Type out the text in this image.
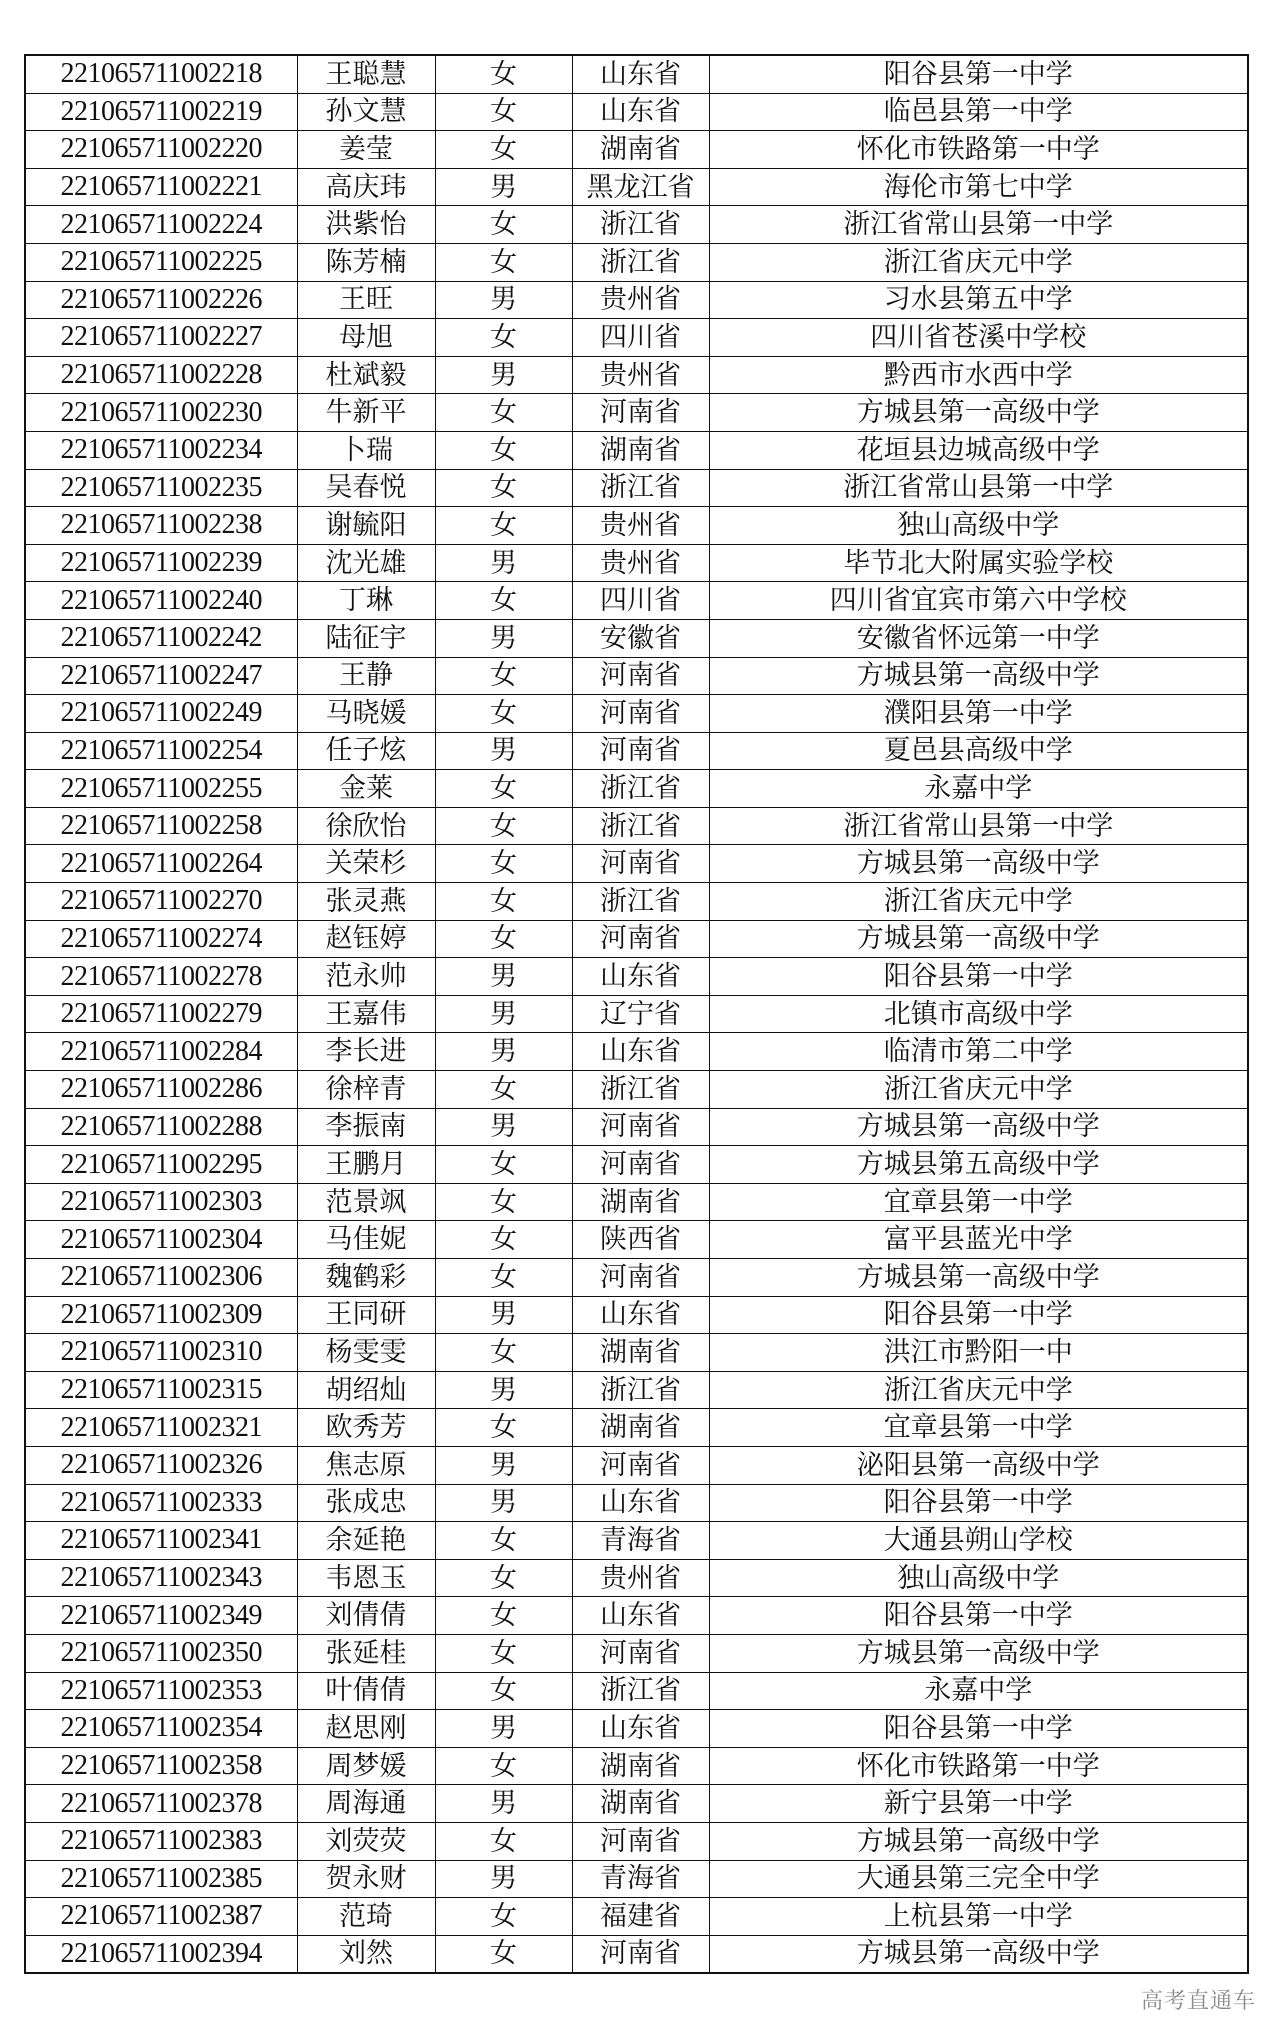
221065711002218	王聪慧	女	山东省	阳谷县第一中学
221065711002219	孙文慧	女	山东省	临邑县第一中学
221065711002220	姜莹	女	湖南省	怀化市铁路第一中学
221065711002221	高庆玮	男	黑龙江省	海伦市第七中学
221065711002224	洪紫怡	女	浙江省	浙江省常山县第一中学
221065711002225	陈芳楠	女	浙江省	浙江省庆元中学
221065711002226	王旺	男	贵州省	习水县第五中学
221065711002227	母旭	女	四川省	四川省苍溪中学校
221065711002228	杜斌毅	男	贵州省	黔西市水西中学
221065711002230	牛新平	女	河南省	方城县第一高级中学
221065711002234	卜瑞	女	湖南省	花垣县边城高级中学
221065711002235	吴春悦	女	浙江省	浙江省常山县第一中学
221065711002238	谢毓阳	女	贵州省	独山高级中学
221065711002239	沈光雄	男	贵州省	毕节北大附属实验学校
221065711002240	丁琳	女	四川省	四川省宜宾市第六中学校
221065711002242	陆征宇	男	安徽省	安徽省怀远第一中学
221065711002247	王静	女	河南省	方城县第一高级中学
221065711002249	马晓媛	女	河南省	濮阳县第一中学
221065711002254	任子炫	男	河南省	夏邑县高级中学
221065711002255	金莱	女	浙江省	永嘉中学
221065711002258	徐欣怡	女	浙江省	浙江省常山县第一中学
221065711002264	关荣杉	女	河南省	方城县第一高级中学
221065711002270	张灵燕	女	浙江省	浙江省庆元中学
221065711002274	赵钰婷	女	河南省	方城县第一高级中学
221065711002278	范永帅	男	山东省	阳谷县第一中学
221065711002279	王嘉伟	男	辽宁省	北镇市高级中学
221065711002284	李长进	男	山东省	临清市第二中学
221065711002286	徐梓青	女	浙江省	浙江省庆元中学
221065711002288	李振南	男	河南省	方城县第一高级中学
221065711002295	王鹏月	女	河南省	方城县第五高级中学
221065711002303	范景飒	女	湖南省	宜章县第一中学
221065711002304	马佳妮	女	陕西省	富平县蓝光中学
221065711002306	魏鹤彩	女	河南省	方城县第一高级中学
221065711002309	王同研	男	山东省	阳谷县第一中学
221065711002310	杨雯雯	女	湖南省	洪江市黔阳一中
221065711002315	胡绍灿	男	浙江省	浙江省庆元中学
221065711002321	欧秀芳	女	湖南省	宜章县第一中学
221065711002326	焦志原	男	河南省	泌阳县第一高级中学
221065711002333	张成忠	男	山东省	阳谷县第一中学
221065711002341	余延艳	女	青海省	大通县朔山学校
221065711002343	韦恩玉	女	贵州省	独山高级中学
221065711002349	刘倩倩	女	山东省	阳谷县第一中学
221065711002350	张延桂	女	河南省	方城县第一高级中学
221065711002353	叶倩倩	女	浙江省	永嘉中学
221065711002354	赵思刚	男	山东省	阳谷县第一中学
221065711002358	周梦媛	女	湖南省	怀化市铁路第一中学
221065711002378	周海通	男	湖南省	新宁县第一中学
221065711002383	刘荧荧	女	河南省	方城县第一高级中学
221065711002385	贺永财	男	青海省	大通县第三完全中学
221065711002387	范琦	女	福建省	上杭县第一中学
221065711002394	刘然	女	河南省	方城县第一高级中学
高考直通车
